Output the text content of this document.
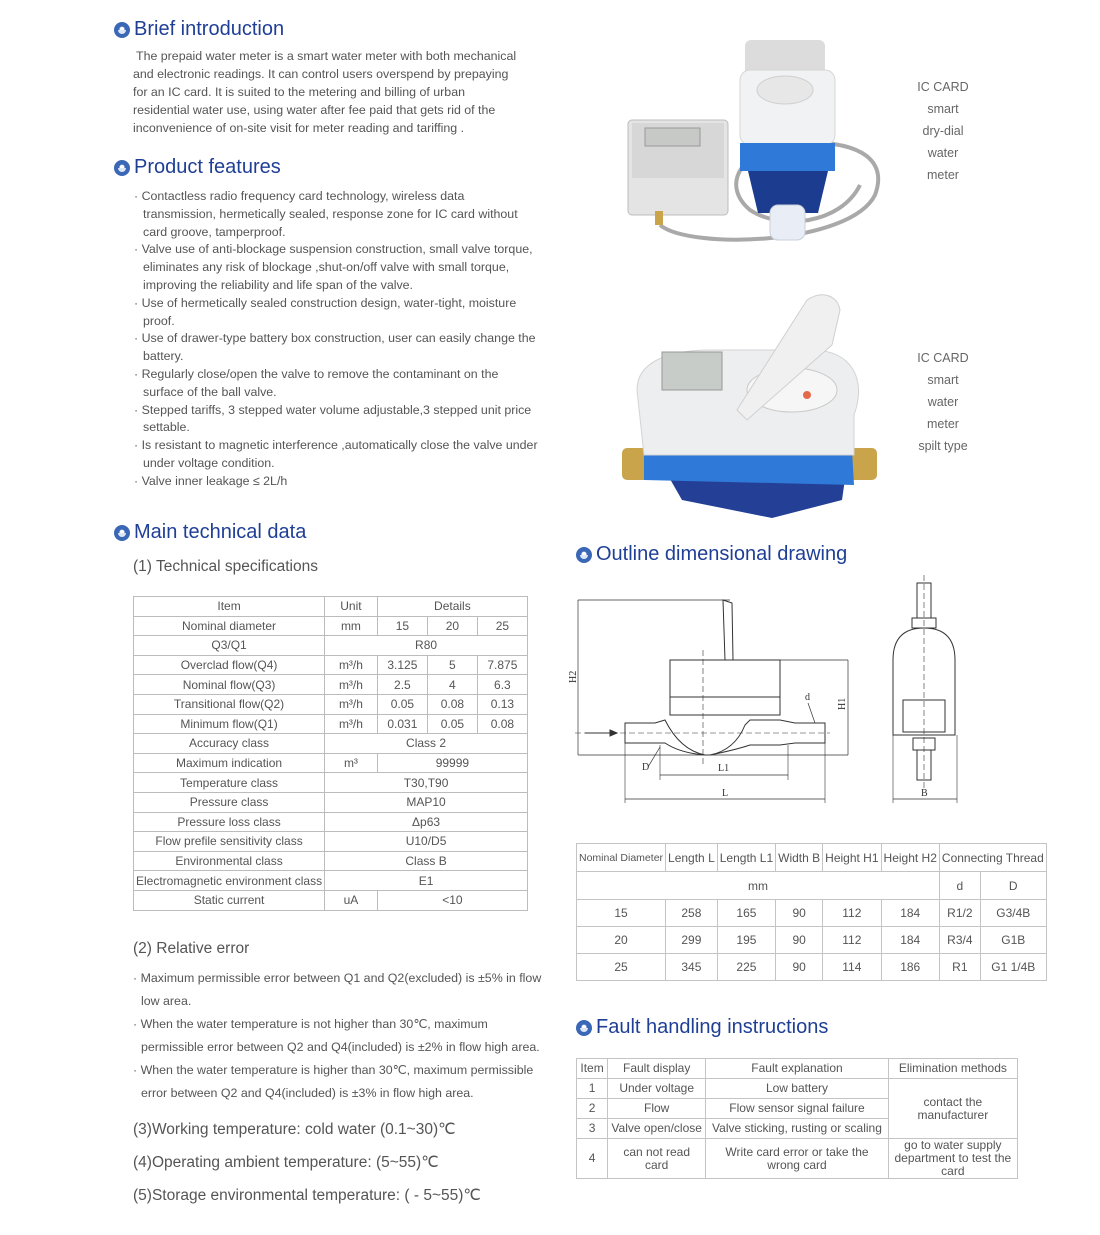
Brief introduction
The prepaid water meter is a smart water meter with both mechanical and electronic readings. It can control users overspend by prepaying for an IC card. It is suited to the metering and billing of urban residential water use, using water after fee paid that gets rid of the inconvenience of on-site visit for meter reading and tariffing .
Product features
· Contactless radio frequency card technology, wireless data transmission, hermetically sealed, response zone for IC card without card groove, tamperproof.
· Valve use of anti-blockage suspension construction, small valve torque, eliminates any risk of blockage ,shut-on/off valve with small torque, improving the reliability and life span of the valve.
· Use of hermetically sealed construction design, water-tight, moisture proof.
· Use of drawer-type battery box construction, user can easily change the battery.
· Regularly close/open the valve to remove the contaminant on the surface of the ball valve.
· Stepped tariffs, 3 stepped water volume adjustable,3 stepped unit price settable.
· Is resistant to magnetic interference ,automatically close the valve under under voltage condition.
· Valve inner leakage ≤ 2L/h
IC CARD
smart
dry-dial
water
meter
IC CARD
smart
water
meter
spilt type
Main technical data
(1) Technical specifications
Item	Unit	Details		
Nominal diameter	mm	15	20	25
Q3/Q1	R80			
Overclad flow(Q4)	m³/h	3.125	5	7.875
Nominal flow(Q3)	m³/h	2.5	4	6.3
Transitional flow(Q2)	m³/h	0.05	0.08	0.13
Minimum flow(Q1)	m³/h	0.031	0.05	0.08
Accuracy class	Class 2			
Maximum indication	m³	99999		
Temperature class	T30,T90			
Pressure class	MAP10			
Pressure loss class	Δp63			
Flow prefile sensitivity class	U10/D5			
Environmental class	Class B			
Electromagnetic environment class	E1			
Static current	uA	<10		
(2) Relative error
· Maximum permissible error between Q1 and Q2(excluded) is ±5% in flow low area.
· When the water temperature is not higher than 30℃, maximum permissible error between Q2 and Q4(included) is ±2% in flow high area.
· When the water temperature is higher than 30℃, maximum permissible error between Q2 and Q4(included) is ±3% in flow high area.
(3)Working temperature: cold water (0.1~30)℃
(4)Operating ambient temperature: (5~55)℃
(5)Storage environmental temperature: ( - 5~55)℃
Outline dimensional drawing
H2
H1
d
D	L1
L	B
Nominal Diameter	Length L	Length L1	Width B	Height H1	Height H2	Connecting Thread	
mm						d	D
15	258	165	90	112	184	R1/2	G3/4B
20	299	195	90	112	184	R3/4	G1B
25	345	225	90	114	186	R1	G1 1/4B
Fault handling instructions
Item	Fault display	Fault explanation	Elimination methods
1	Under voltage	Low battery	contact the manufacturer
2	Flow	Flow sensor signal failure	
3	Valve open/close	Valve sticking, rusting or scaling	
4	can not read card	Write card error or take the wrong card	go to water supply department to test the card
